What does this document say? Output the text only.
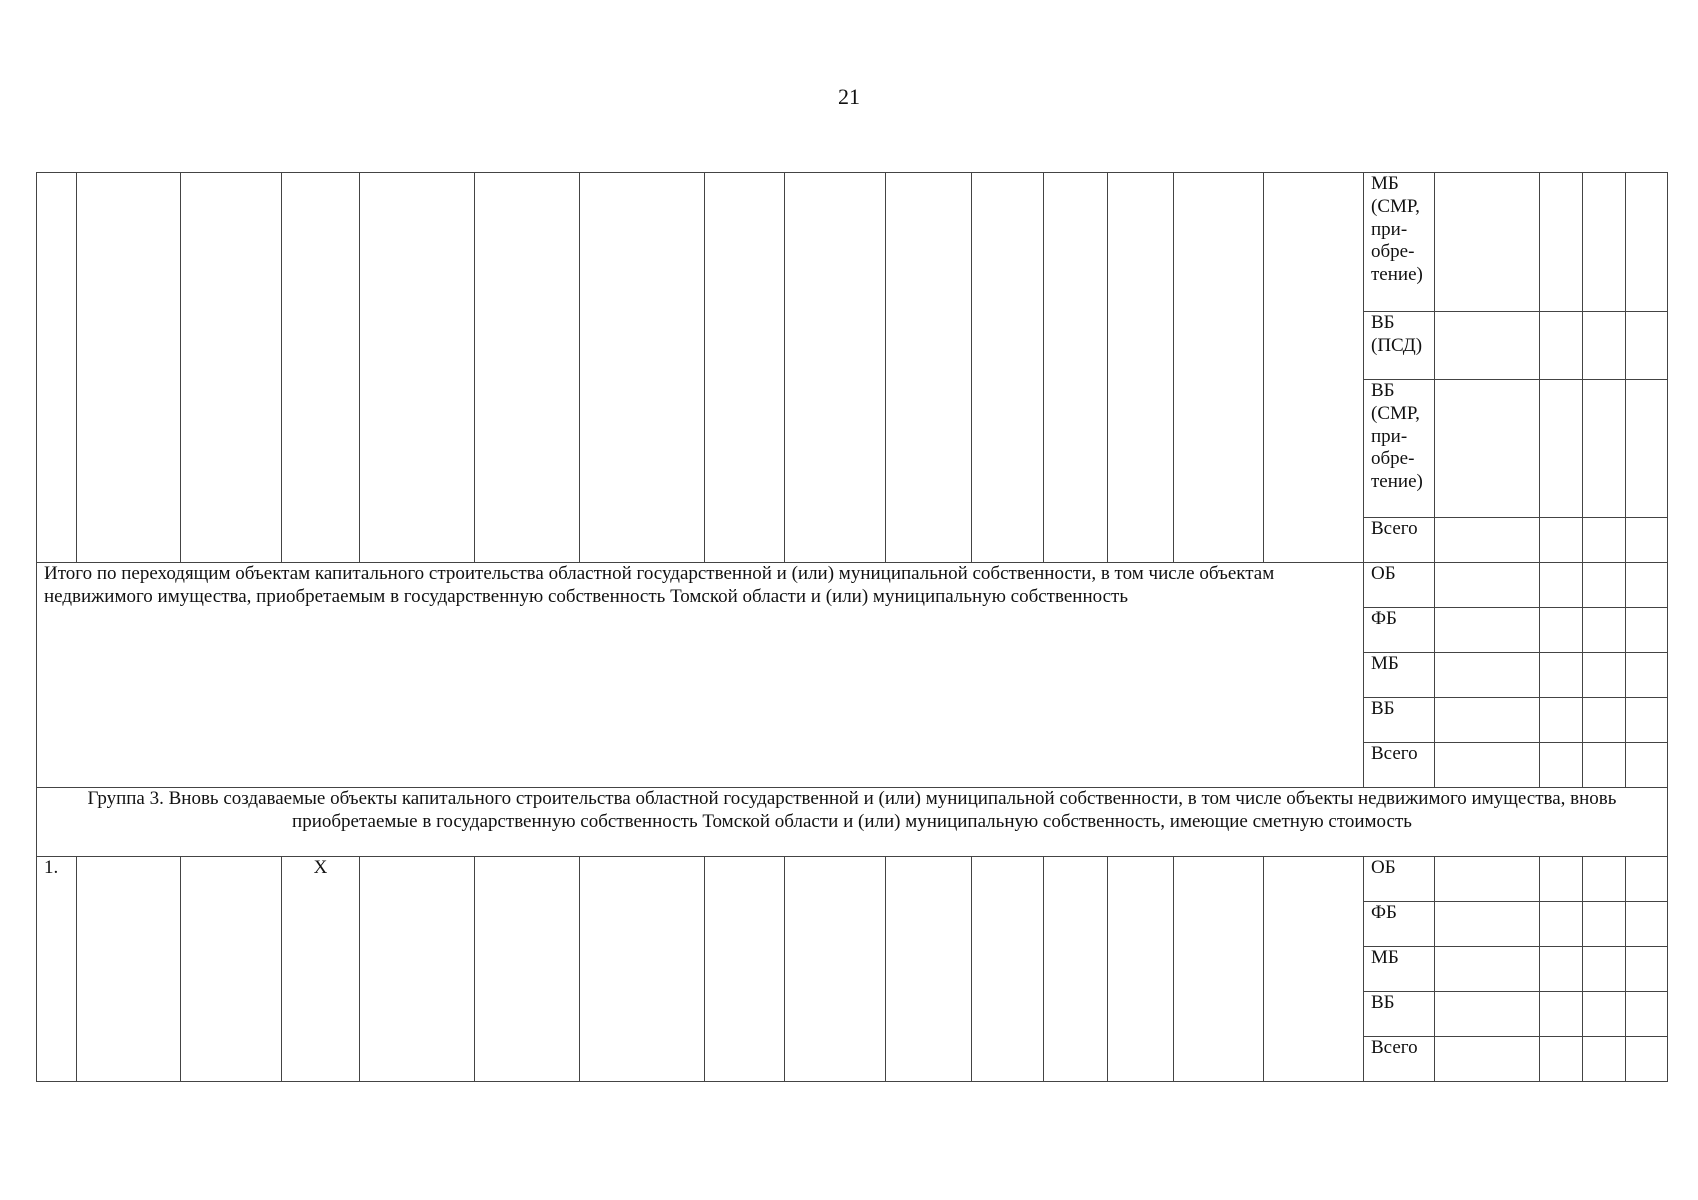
21
															МБ (СМР, при-обре-тение)				
															ВБ (ПСД)				
															ВБ (СМР, при-обре-тение)				
															Всего				
Итого по переходящим объектам капитального строительства областной государственной и (или) муниципальной собственности, в том числе объектам недвижимого имущества, приобретаемым в государственную собственность Томской области и (или) муниципальную собственность															ОБ				
															ФБ				
															МБ				
															ВБ				
															Всего				
Группа 3. Вновь создаваемые объекты капитального строительства областной государственной и (или) муниципальной собственности, в том числе объекты недвижимого имущества, вновь приобретаемые в государственную собственность Томской области и (или) муниципальную собственность, имеющие сметную стоимость																			
1.			Х												ОБ				
															ФБ				
															МБ				
															ВБ				
															Всего				
